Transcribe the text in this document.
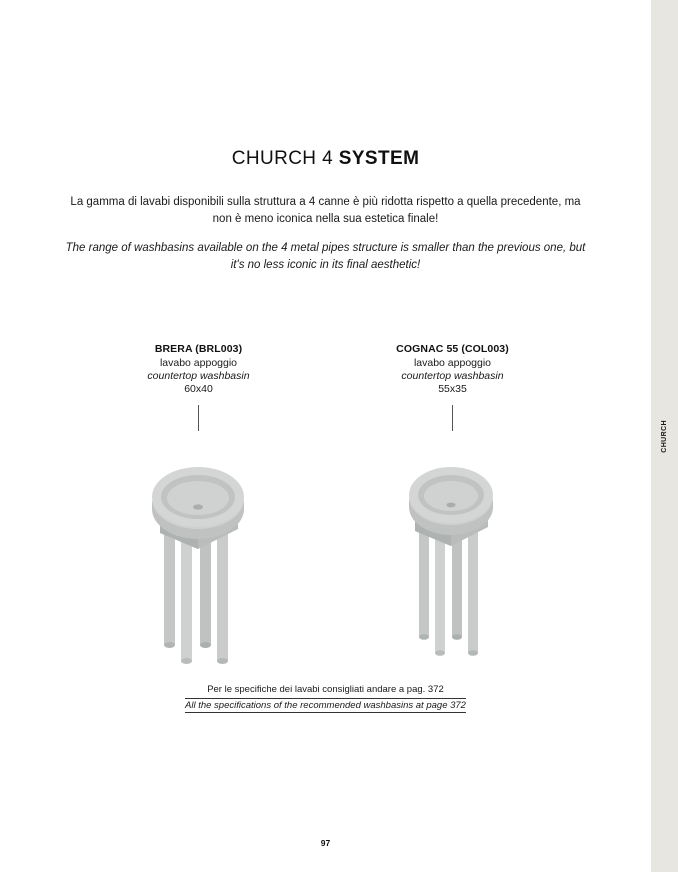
CHURCH 4 SYSTEM
La gamma di lavabi disponibili sulla struttura a 4 canne è più ridotta rispetto a quella precedente, ma non è meno iconica nella sua estetica finale!
The range of washbasins available on the 4 metal pipes structure is smaller than the previous one, but it's no less iconic in its final aesthetic!
BRERA (BRL003)
lavabo appoggio
countertop washbasin
60x40
COGNAC 55 (COL003)
lavabo appoggio
countertop washbasin
55x35
Per le specifiche dei lavabi consigliati andare a pag. 372
All the specifications of the recommended washbasins at page 372
97
CHURCH
